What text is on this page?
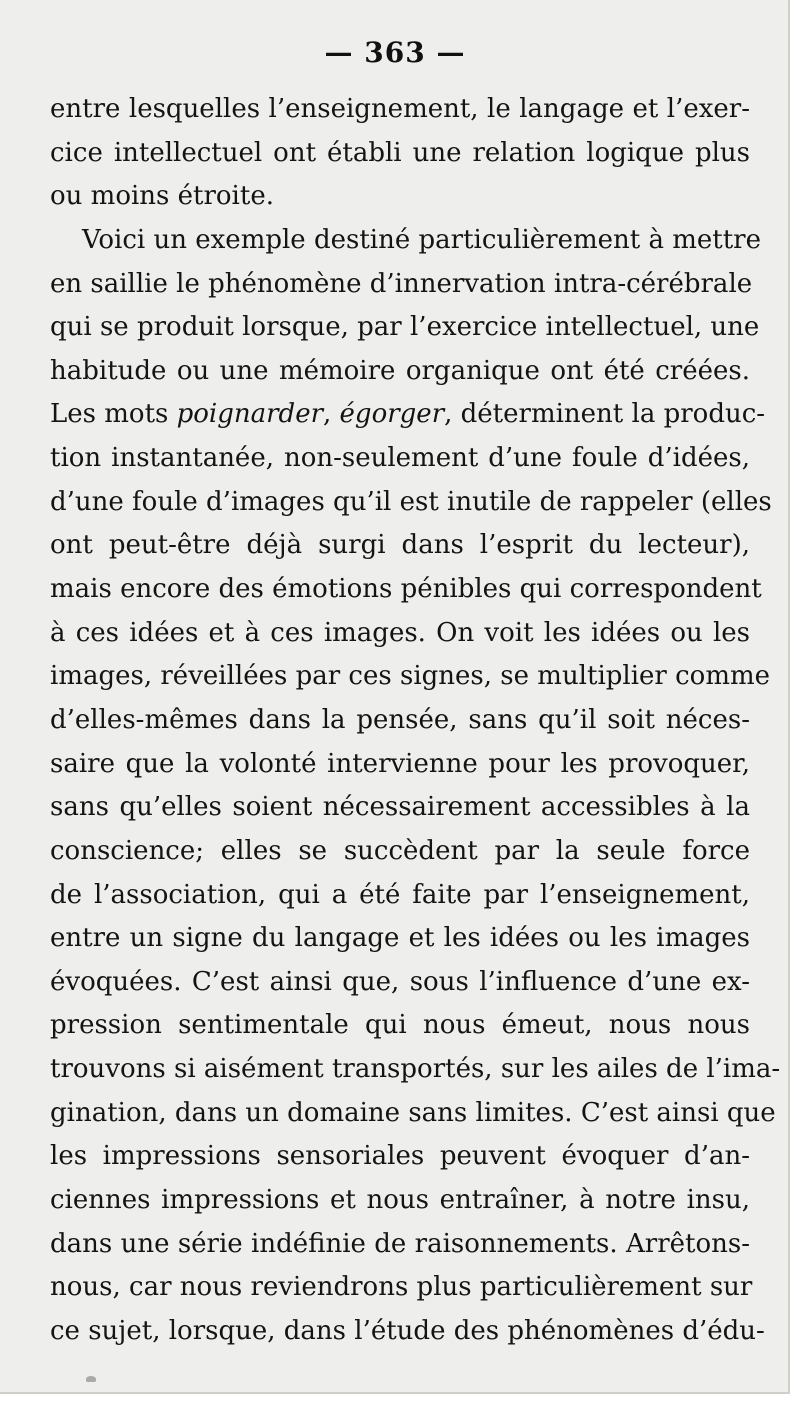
— 363 —
entre lesquelles l’enseignement, le langage et l’exer-
cice intellectuel ont établi une relation logique plus
ou moins étroite.
Voici un exemple destiné particulièrement à mettre
en saillie le phénomène d’innervation intra-cérébrale
qui se produit lorsque, par l’exercice intellectuel, une
habitude ou une mémoire organique ont été créées.
Les mots poignarder, égorger, déterminent la produc-
tion instantanée, non-seulement d’une foule d’idées,
d’une foule d’images qu’il est inutile de rappeler (elles
ont peut-être déjà surgi dans l’esprit du lecteur),
mais encore des émotions pénibles qui correspondent
à ces idées et à ces images. On voit les idées ou les
images, réveillées par ces signes, se multiplier comme
d’elles-mêmes dans la pensée, sans qu’il soit néces-
saire que la volonté intervienne pour les provoquer,
sans qu’elles soient nécessairement accessibles à la
conscience; elles se succèdent par la seule force
de l’association, qui a été faite par l’enseignement,
entre un signe du langage et les idées ou les images
évoquées. C’est ainsi que, sous l’influence d’une ex-
pression sentimentale qui nous émeut, nous nous
trouvons si aisément transportés, sur les ailes de l’ima-
gination, dans un domaine sans limites. C’est ainsi que
les impressions sensoriales peuvent évoquer d’an-
ciennes impressions et nous entraîner, à notre insu,
dans une série indéfinie de raisonnements. Arrêtons-
nous, car nous reviendrons plus particulièrement sur
ce sujet, lorsque, dans l’étude des phénomènes d’édu-
